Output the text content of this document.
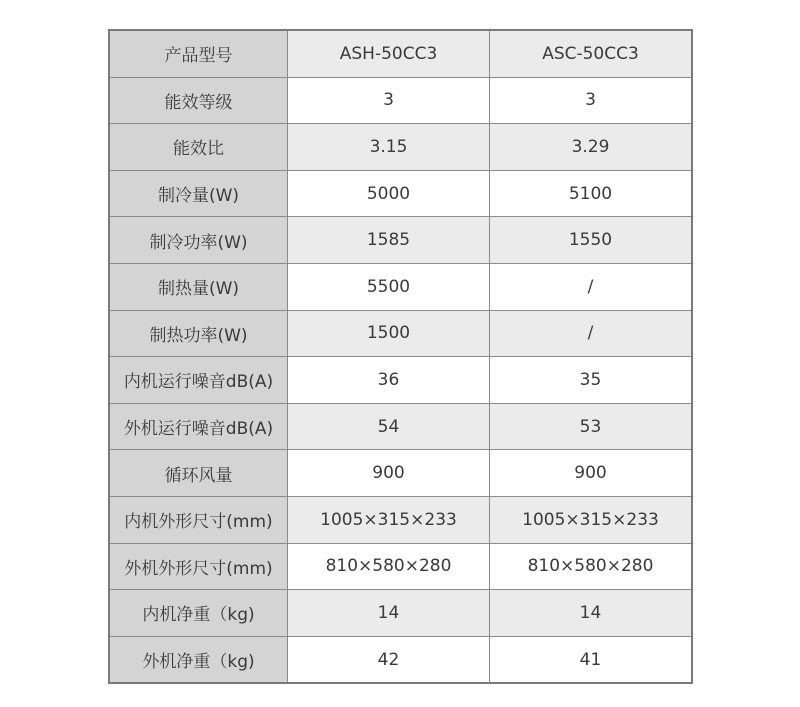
产品型号	ASH-50CC3	ASC-50CC3
能效等级	3	3
能效比	3.15	3.29
制冷量(W)	5000	5100
制冷功率(W)	1585	1550
制热量(W)	5500	/
制热功率(W)	1500	/
内机运行噪音dB(A)	36	35
外机运行噪音dB(A)	54	53
循环风量	900	900
内机外形尺寸(mm)	1005×315×233	1005×315×233
外机外形尺寸(mm)	810×580×280	810×580×280
内机净重（kg)	14	14
外机净重（kg)	42	41
